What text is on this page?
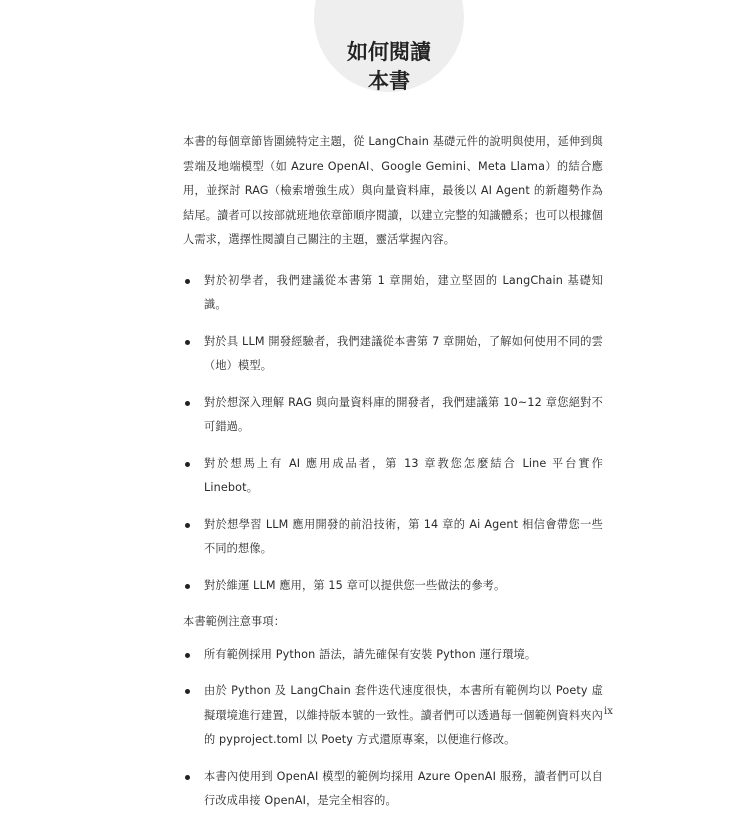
如何閱讀
本書

本書的每個章節皆圍繞特定主題，從 LangChain 基礎元件的說明與使用，延伸到與雲端及地端模型（如 Azure OpenAI、Google Gemini、Meta Llama）的結合應用，並探討 RAG（檢索增強生成）與向量資料庫，最後以 AI Agent 的新趨勢作為結尾。讀者可以按部就班地依章節順序閱讀，以建立完整的知識體系；也可以根據個人需求，選擇性閱讀自己關注的主題，靈活掌握內容。

對於初學者，我們建議從本書第 1 章開始，建立堅固的 LangChain 基礎知識。
對於具 LLM 開發經驗者，我們建議從本書第 7 章開始，了解如何使用不同的雲（地）模型。
對於想深入理解 RAG 與向量資料庫的開發者，我們建議第 10~12 章您絕對不可錯過。
對於想馬上有 AI 應用成品者，第 13 章教您怎麼結合 Line 平台實作 Linebot。
對於想學習 LLM 應用開發的前沿技術，第 14 章的 Ai Agent 相信會帶您一些不同的想像。
對於維運 LLM 應用，第 15 章可以提供您一些做法的參考。

本書範例注意事項：

所有範例採用 Python 語法，請先確保有安裝 Python 運行環境。
由於 Python 及 LangChain 套件迭代速度很快，本書所有範例均以 Poety 虛擬環境進行建置，以維持版本號的一致性。讀者們可以透過每一個範例資料夾內的 pyproject.toml 以 Poety 方式還原專案，以便進行修改。
本書內使用到 OpenAI 模型的範例均採用 Azure OpenAI 服務，讀者們可以自行改成串接 OpenAI，是完全相容的。
ix
